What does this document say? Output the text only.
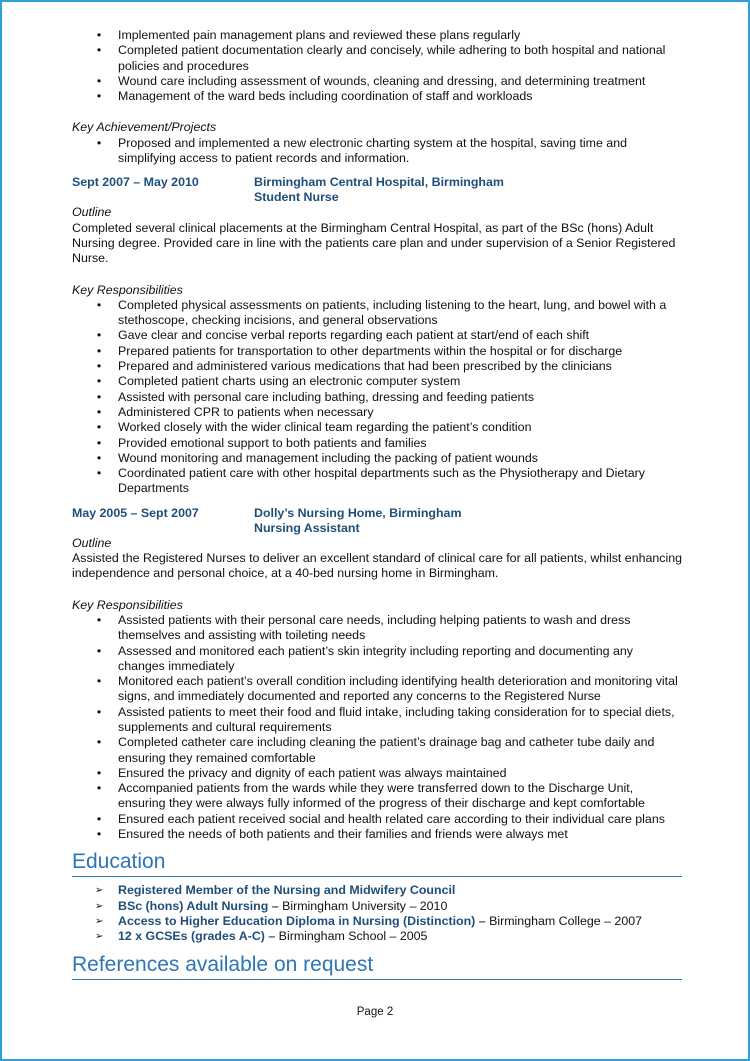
• Implemented pain management plans and reviewed these plans regularly
• Completed patient documentation clearly and concisely, while adhering to both hospital and national policies and procedures
• Wound care including assessment of wounds, cleaning and dressing, and determining treatment
• Management of the ward beds including coordination of staff and workloads

Key Achievement/Projects

• Proposed and implemented a new electronic charting system at the hospital, saving time and simplifying access to patient records and information.
Sept 2007 – May 2010	Birmingham Central Hospital, Birmingham
Student Nurse

Outline

Completed several clinical placements at the Birmingham Central Hospital, as part of the BSc (hons) Adult Nursing degree. Provided care in line with the patients care plan and under supervision of a Senior Registered Nurse.

Key Responsibilities

• Completed physical assessments on patients, including listening to the heart, lung, and bowel with a stethoscope, checking incisions, and general observations
• Gave clear and concise verbal reports regarding each patient at start/end of each shift
• Prepared patients for transportation to other departments within the hospital or for discharge
• Prepared and administered various medications that had been prescribed by the clinicians
• Completed patient charts using an electronic computer system
• Assisted with personal care including bathing, dressing and feeding patients
• Administered CPR to patients when necessary
• Worked closely with the wider clinical team regarding the patient’s condition
• Provided emotional support to both patients and families
• Wound monitoring and management including the packing of patient wounds
• Coordinated patient care with other hospital departments such as the Physiotherapy and Dietary Departments
May 2005 – Sept 2007	Dolly’s Nursing Home, Birmingham
Nursing Assistant

Outline

Assisted the Registered Nurses to deliver an excellent standard of clinical care for all patients, whilst enhancing independence and personal choice, at a 40-bed nursing home in Birmingham.

Key Responsibilities

• Assisted patients with their personal care needs, including helping patients to wash and dress themselves and assisting with toileting needs
• Assessed and monitored each patient’s skin integrity including reporting and documenting any changes immediately
• Monitored each patient’s overall condition including identifying health deterioration and monitoring vital signs, and immediately documented and reported any concerns to the Registered Nurse
• Assisted patients to meet their food and fluid intake, including taking consideration for to special diets, supplements and cultural requirements
• Completed catheter care including cleaning the patient’s drainage bag and catheter tube daily and ensuring they remained comfortable
• Ensured the privacy and dignity of each patient was always maintained
• Accompanied patients from the wards while they were transferred down to the Discharge Unit, ensuring they were always fully informed of the progress of their discharge and kept comfortable
• Ensured each patient received social and health related care according to their individual care plans
• Ensured the needs of both patients and their families and friends were always met
Education
➢ Registered Member of the Nursing and Midwifery Council
➢ BSc (hons) Adult Nursing – Birmingham University – 2010
➢ Access to Higher Education Diploma in Nursing (Distinction) – Birmingham College – 2007
➢ 12 x GCSEs (grades A-C) – Birmingham School – 2005
References available on request
Page 2
